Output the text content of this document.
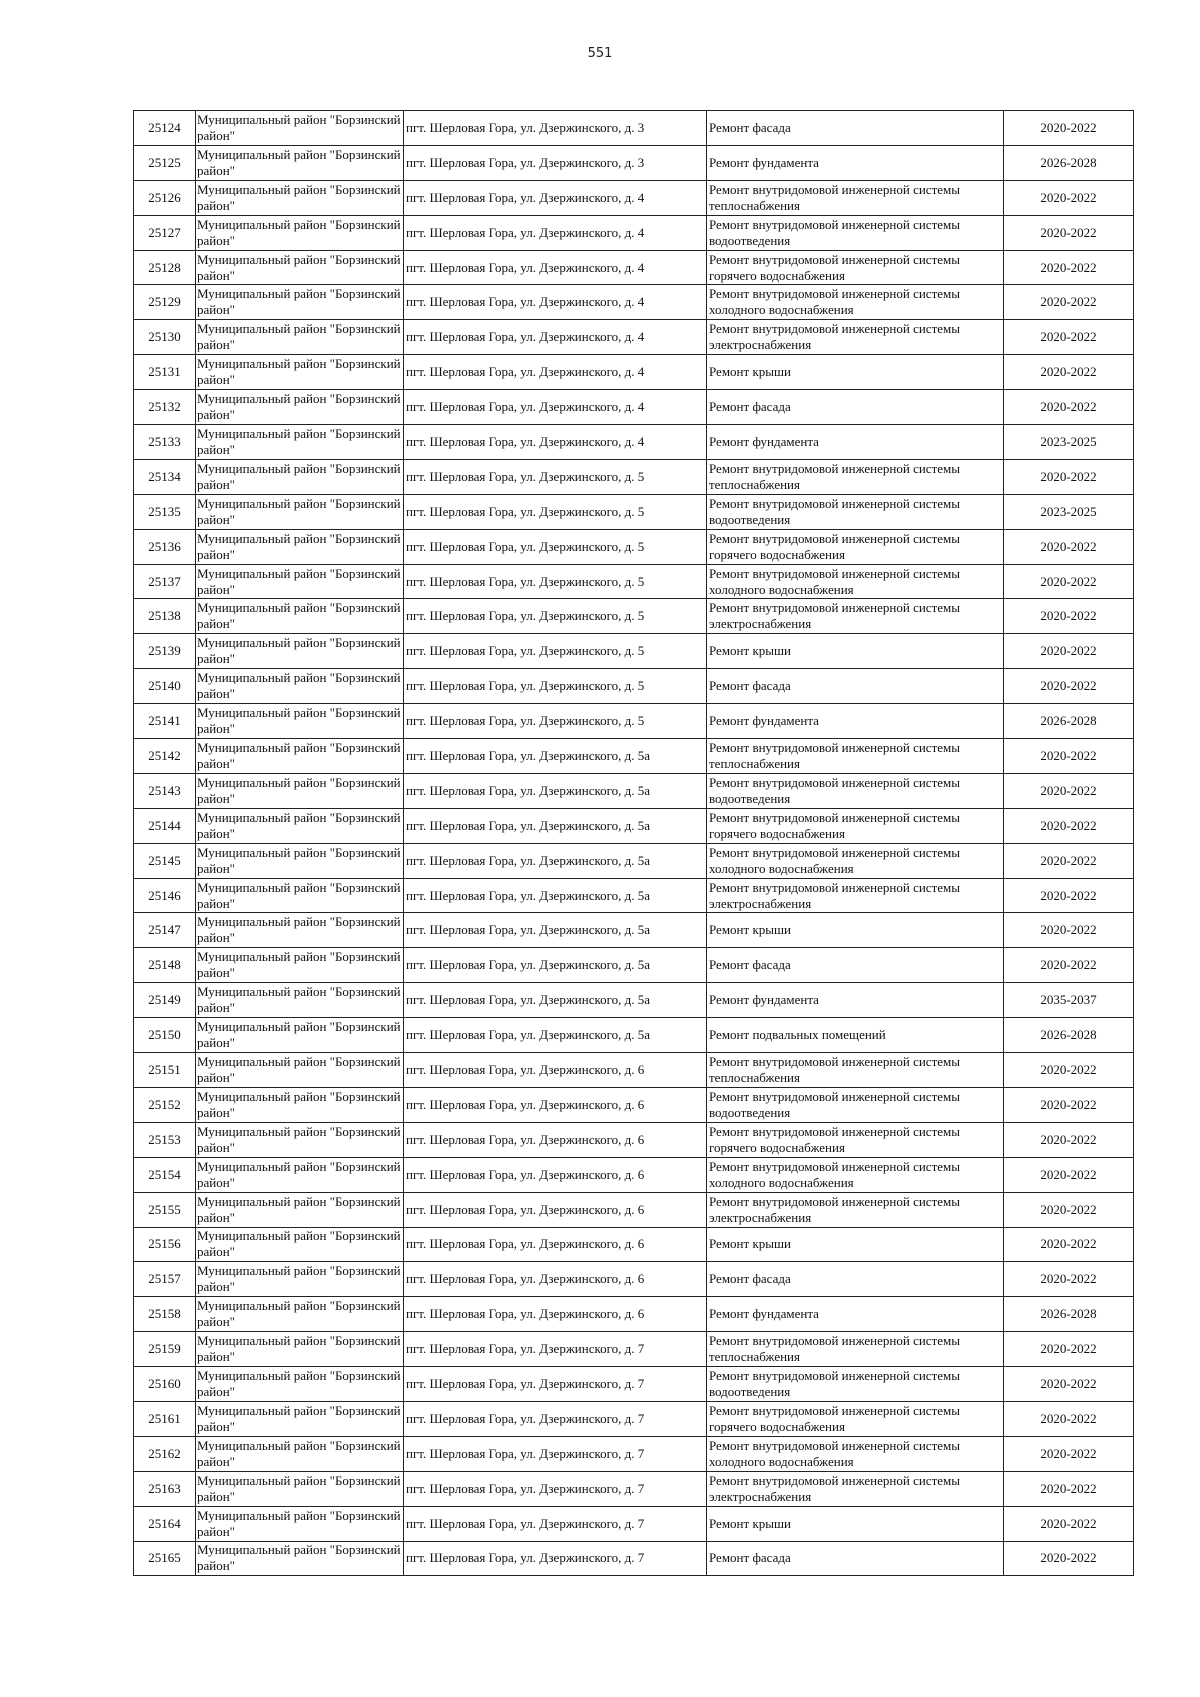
551
25124	Муниципальный район "Борзинский район"	пгт. Шерловая Гора, ул. Дзержинского, д. 3	Ремонт фасада	2020-2022
25125	Муниципальный район "Борзинский район"	пгт. Шерловая Гора, ул. Дзержинского, д. 3	Ремонт фундамента	2026-2028
25126	Муниципальный район "Борзинский район"	пгт. Шерловая Гора, ул. Дзержинского, д. 4	Ремонт внутридомовой инженерной системы теплоснабжения	2020-2022
25127	Муниципальный район "Борзинский район"	пгт. Шерловая Гора, ул. Дзержинского, д. 4	Ремонт внутридомовой инженерной системы водоотведения	2020-2022
25128	Муниципальный район "Борзинский район"	пгт. Шерловая Гора, ул. Дзержинского, д. 4	Ремонт внутридомовой инженерной системы горячего водоснабжения	2020-2022
25129	Муниципальный район "Борзинский район"	пгт. Шерловая Гора, ул. Дзержинского, д. 4	Ремонт внутридомовой инженерной системы холодного водоснабжения	2020-2022
25130	Муниципальный район "Борзинский район"	пгт. Шерловая Гора, ул. Дзержинского, д. 4	Ремонт внутридомовой инженерной системы электроснабжения	2020-2022
25131	Муниципальный район "Борзинский район"	пгт. Шерловая Гора, ул. Дзержинского, д. 4	Ремонт крыши	2020-2022
25132	Муниципальный район "Борзинский район"	пгт. Шерловая Гора, ул. Дзержинского, д. 4	Ремонт фасада	2020-2022
25133	Муниципальный район "Борзинский район"	пгт. Шерловая Гора, ул. Дзержинского, д. 4	Ремонт фундамента	2023-2025
25134	Муниципальный район "Борзинский район"	пгт. Шерловая Гора, ул. Дзержинского, д. 5	Ремонт внутридомовой инженерной системы теплоснабжения	2020-2022
25135	Муниципальный район "Борзинский район"	пгт. Шерловая Гора, ул. Дзержинского, д. 5	Ремонт внутридомовой инженерной системы водоотведения	2023-2025
25136	Муниципальный район "Борзинский район"	пгт. Шерловая Гора, ул. Дзержинского, д. 5	Ремонт внутридомовой инженерной системы горячего водоснабжения	2020-2022
25137	Муниципальный район "Борзинский район"	пгт. Шерловая Гора, ул. Дзержинского, д. 5	Ремонт внутридомовой инженерной системы холодного водоснабжения	2020-2022
25138	Муниципальный район "Борзинский район"	пгт. Шерловая Гора, ул. Дзержинского, д. 5	Ремонт внутридомовой инженерной системы электроснабжения	2020-2022
25139	Муниципальный район "Борзинский район"	пгт. Шерловая Гора, ул. Дзержинского, д. 5	Ремонт крыши	2020-2022
25140	Муниципальный район "Борзинский район"	пгт. Шерловая Гора, ул. Дзержинского, д. 5	Ремонт фасада	2020-2022
25141	Муниципальный район "Борзинский район"	пгт. Шерловая Гора, ул. Дзержинского, д. 5	Ремонт фундамента	2026-2028
25142	Муниципальный район "Борзинский район"	пгт. Шерловая Гора, ул. Дзержинского, д. 5а	Ремонт внутридомовой инженерной системы теплоснабжения	2020-2022
25143	Муниципальный район "Борзинский район"	пгт. Шерловая Гора, ул. Дзержинского, д. 5а	Ремонт внутридомовой инженерной системы водоотведения	2020-2022
25144	Муниципальный район "Борзинский район"	пгт. Шерловая Гора, ул. Дзержинского, д. 5а	Ремонт внутридомовой инженерной системы горячего водоснабжения	2020-2022
25145	Муниципальный район "Борзинский район"	пгт. Шерловая Гора, ул. Дзержинского, д. 5а	Ремонт внутридомовой инженерной системы холодного водоснабжения	2020-2022
25146	Муниципальный район "Борзинский район"	пгт. Шерловая Гора, ул. Дзержинского, д. 5а	Ремонт внутридомовой инженерной системы электроснабжения	2020-2022
25147	Муниципальный район "Борзинский район"	пгт. Шерловая Гора, ул. Дзержинского, д. 5а	Ремонт крыши	2020-2022
25148	Муниципальный район "Борзинский район"	пгт. Шерловая Гора, ул. Дзержинского, д. 5а	Ремонт фасада	2020-2022
25149	Муниципальный район "Борзинский район"	пгт. Шерловая Гора, ул. Дзержинского, д. 5а	Ремонт фундамента	2035-2037
25150	Муниципальный район "Борзинский район"	пгт. Шерловая Гора, ул. Дзержинского, д. 5а	Ремонт подвальных помещений	2026-2028
25151	Муниципальный район "Борзинский район"	пгт. Шерловая Гора, ул. Дзержинского, д. 6	Ремонт внутридомовой инженерной системы теплоснабжения	2020-2022
25152	Муниципальный район "Борзинский район"	пгт. Шерловая Гора, ул. Дзержинского, д. 6	Ремонт внутридомовой инженерной системы водоотведения	2020-2022
25153	Муниципальный район "Борзинский район"	пгт. Шерловая Гора, ул. Дзержинского, д. 6	Ремонт внутридомовой инженерной системы горячего водоснабжения	2020-2022
25154	Муниципальный район "Борзинский район"	пгт. Шерловая Гора, ул. Дзержинского, д. 6	Ремонт внутридомовой инженерной системы холодного водоснабжения	2020-2022
25155	Муниципальный район "Борзинский район"	пгт. Шерловая Гора, ул. Дзержинского, д. 6	Ремонт внутридомовой инженерной системы электроснабжения	2020-2022
25156	Муниципальный район "Борзинский район"	пгт. Шерловая Гора, ул. Дзержинского, д. 6	Ремонт крыши	2020-2022
25157	Муниципальный район "Борзинский район"	пгт. Шерловая Гора, ул. Дзержинского, д. 6	Ремонт фасада	2020-2022
25158	Муниципальный район "Борзинский район"	пгт. Шерловая Гора, ул. Дзержинского, д. 6	Ремонт фундамента	2026-2028
25159	Муниципальный район "Борзинский район"	пгт. Шерловая Гора, ул. Дзержинского, д. 7	Ремонт внутридомовой инженерной системы теплоснабжения	2020-2022
25160	Муниципальный район "Борзинский район"	пгт. Шерловая Гора, ул. Дзержинского, д. 7	Ремонт внутридомовой инженерной системы водоотведения	2020-2022
25161	Муниципальный район "Борзинский район"	пгт. Шерловая Гора, ул. Дзержинского, д. 7	Ремонт внутридомовой инженерной системы горячего водоснабжения	2020-2022
25162	Муниципальный район "Борзинский район"	пгт. Шерловая Гора, ул. Дзержинского, д. 7	Ремонт внутридомовой инженерной системы холодного водоснабжения	2020-2022
25163	Муниципальный район "Борзинский район"	пгт. Шерловая Гора, ул. Дзержинского, д. 7	Ремонт внутридомовой инженерной системы электроснабжения	2020-2022
25164	Муниципальный район "Борзинский район"	пгт. Шерловая Гора, ул. Дзержинского, д. 7	Ремонт крыши	2020-2022
25165	Муниципальный район "Борзинский район"	пгт. Шерловая Гора, ул. Дзержинского, д. 7	Ремонт фасада	2020-2022
